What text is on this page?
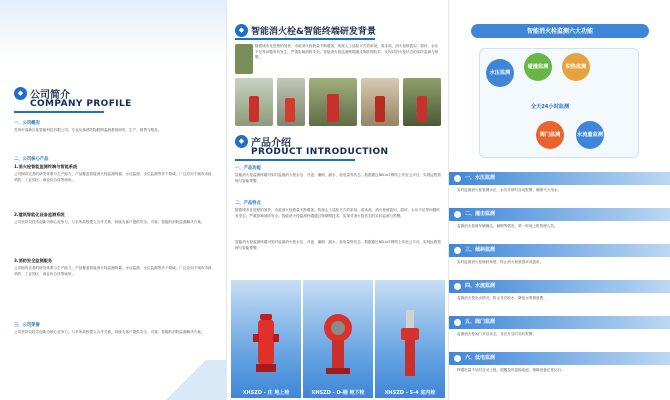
◆ 公司简介
COMPANY PROFILE
一、公司概况
苏州市高新区某智能科技有限公司，专业从事消防物联网监测系统研发、生产、销售与服务。
二、公司核心产品
1.消火栓智能监测终端与智能系统
公司拥有完善的研发体系与生产能力，产品覆盖智能消火栓监测终端、水压监测、水位监测等多个领域，广泛应用于城市市政消防、工业园区、商业综合体等场所。
2.建筑智能化设备监测系统
公司坚持以技术创新为核心竞争力，与多所高校建立合作关系，持续为客户提供安全、可靠、智能的消防监测解决方案。
3.消防安全监测服务
公司拥有完善的研发体系与生产能力，产品覆盖智能消火栓监测终端、水压监测、水位监测等多个领域，广泛应用于城市市政消防、工业园区、商业综合体等场所。
三、公司荣誉
公司坚持以技术创新为核心竞争力，与多所高校建立合作关系，持续为客户提供安全、可靠、智能的消防监测解决方案。
◆ 智能消火栓&智能终端研发背景
随着城市化进程的加快，市政消火栓数量不断增加，传统人工巡检方式效率低、成本高，消火栓被盗用、损坏、水压不足等问题时有发生，严重影响消防安全。智能消火栓监测终端通过物联网技术，实现对消火栓状态的实时监测与预警。
◆ 产品介绍
PRODUCT INTRODUCTION
一、产品功能
智能消火栓监测终端可实时监测消火栓水压、开盖、撞倒、漏水、低电量等状态，数据通过NB-IoT网络上传至云平台，实现远程管理与智能预警。
二、产品特点
随着城市化进程的加快，市政消火栓数量不断增加，传统人工巡检方式效率低、成本高，消火栓被盗用、损坏、水压不足等问题时有发生，严重影响消防安全。智能消火栓监测终端通过物联网技术，实现对消火栓状态的实时监测与预警。
智能消火栓监测终端可实时监测消火栓水压、开盖、撞倒、漏水、低电量等状态，数据通过NB-IoT网络上传至云平台，实现远程管理与智能预警。
XHSZD - 庄 地上栓	XHSZD - D-桶 地下栓	XHSZD - S-4 室内栓
智能消火栓监测六大功能
水压监测
碰撞监测	积热监测
全天24小时监测
阀门监测	水流量监测
一、水压监测
实时监测消火栓管网水压，水压异常时自动报警，确保灭火用水。
二、撞击监测
监测消火栓被车辆撞击、倾倒等情况，第一时间上报管理人员。
三、倾斜监测
实时监测消火栓倾斜角度，防止消火栓被损坏或盗用。
四、水流监测
监测消火栓出水情况，防止非法取水，降低水资源浪费。
五、阀门监测
监测消火栓阀门开启状态，非法开启时实时报警。
六、低电监测
终端电量不足时自动上报，提醒及时更换电池，保障设备正常运行。
